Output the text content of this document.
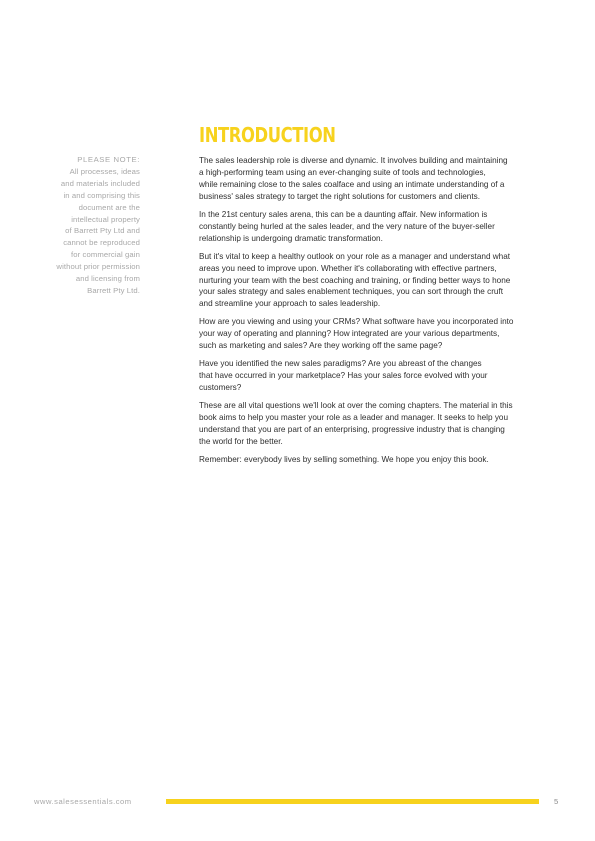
INTRODUCTION
PLEASE NOTE:
All processes, ideas
and materials included
in and comprising this
document are the
intellectual property
of Barrett Pty Ltd and
cannot be reproduced
for commercial gain
without prior permission
and licensing from
Barrett Pty Ltd.

The sales leadership role is diverse and dynamic. It involves building and maintaining
a high-performing team using an ever-changing suite of tools and technologies,
while remaining close to the sales coalface and using an intimate understanding of a
business' sales strategy to target the right solutions for customers and clients.

In the 21st century sales arena, this can be a daunting affair. New information is
constantly being hurled at the sales leader, and the very nature of the buyer-seller
relationship is undergoing dramatic transformation.

But it's vital to keep a healthy outlook on your role as a manager and understand what
areas you need to improve upon. Whether it's collaborating with effective partners,
nurturing your team with the best coaching and training, or finding better ways to hone
your sales strategy and sales enablement techniques, you can sort through the cruft
and streamline your approach to sales leadership.

How are you viewing and using your CRMs? What software have you incorporated into
your way of operating and planning? How integrated are your various departments,
such as marketing and sales? Are they working off the same page?

Have you identified the new sales paradigms? Are you abreast of the changes
that have occurred in your marketplace? Has your sales force evolved with your
customers?

These are all vital questions we'll look at over the coming chapters. The material in this
book aims to help you master your role as a leader and manager. It seeks to help you
understand that you are part of an enterprising, progressive industry that is changing
the world for the better.

Remember: everybody lives by selling something. We hope you enjoy this book.

www.salesessentials.com	5
